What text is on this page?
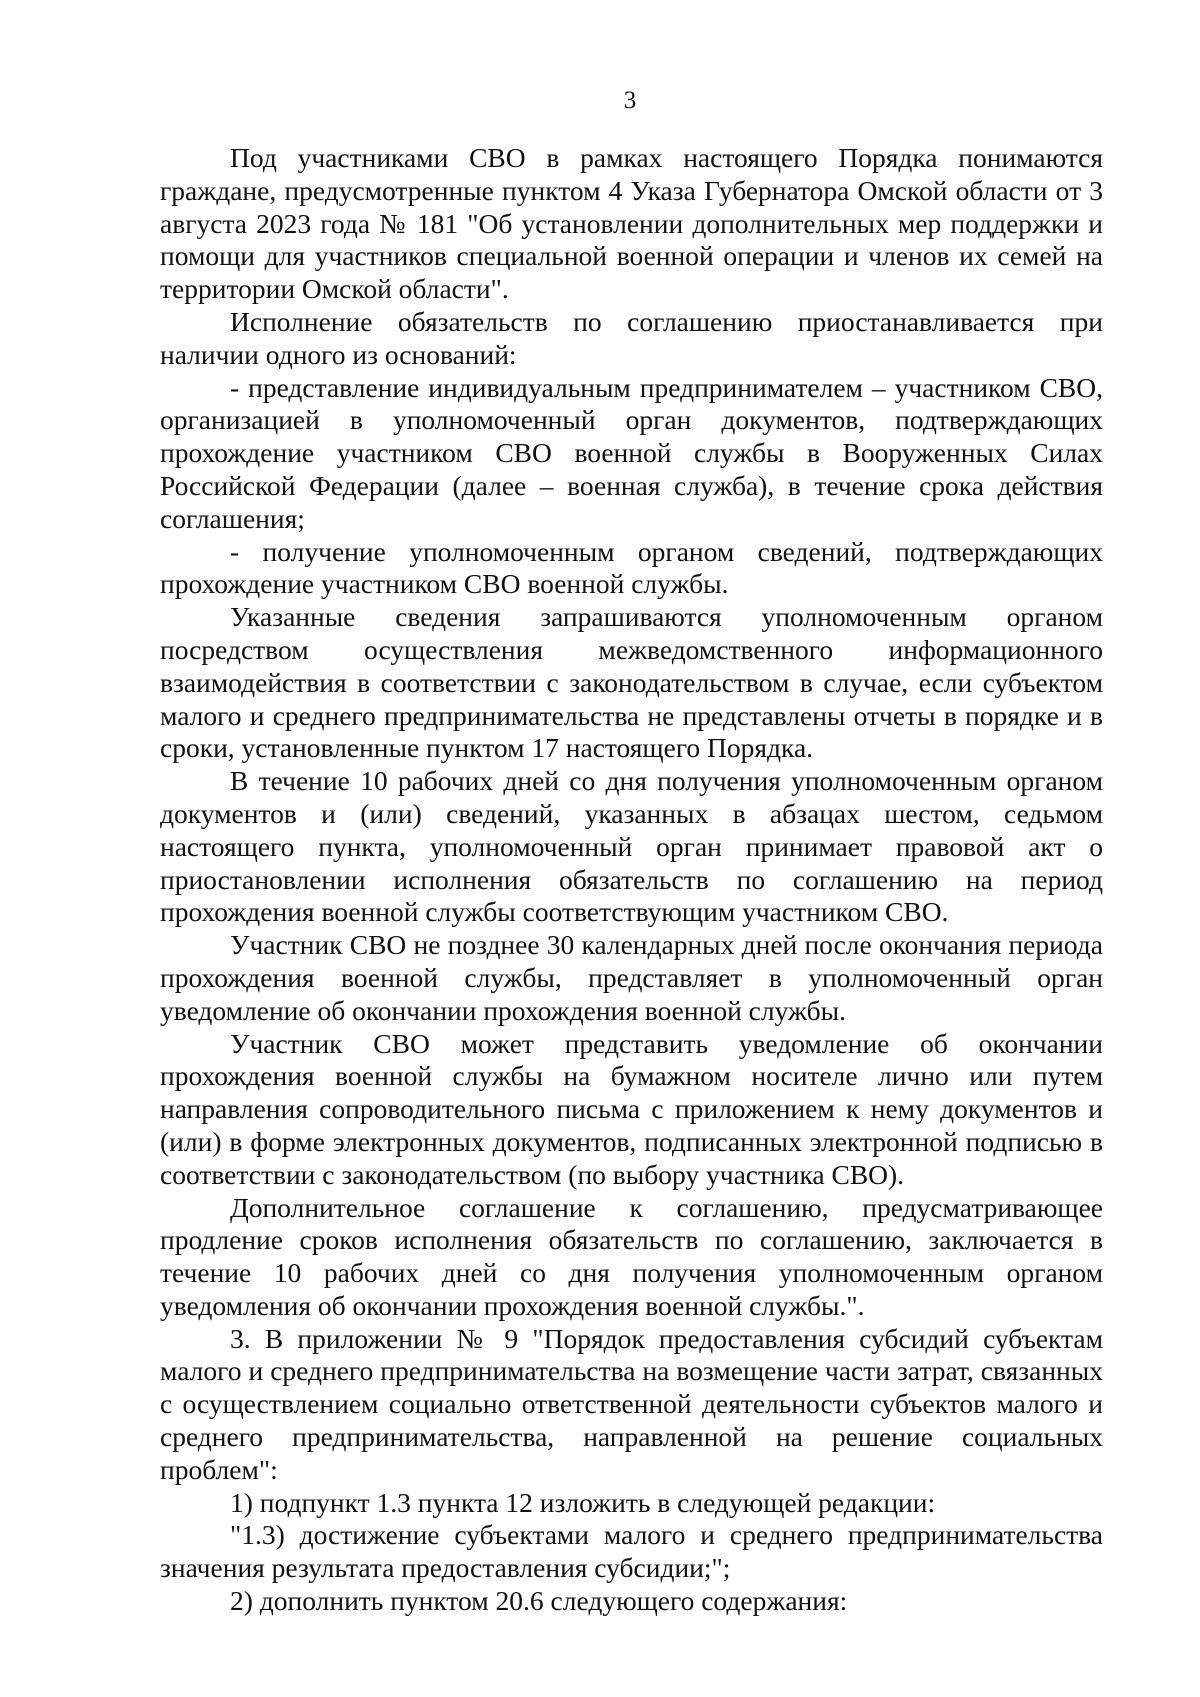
3

Под участниками СВО в рамках настоящего Порядка понимаются граждане, предусмотренные пунктом 4 Указа Губернатора Омской области от 3 августа 2023 года № 181 "Об установлении дополнительных мер поддержки и помощи для участников специальной военной операции и членов их семей на территории Омской области".

Исполнение обязательств по соглашению приостанавливается при наличии одного из оснований:

- представление индивидуальным предпринимателем – участником СВО, организацией в уполномоченный орган документов, подтверждающих прохождение участником СВО военной службы в Вооруженных Силах Российской Федерации (далее – военная служба), в течение срока действия соглашения;

- получение уполномоченным органом сведений, подтверждающих прохождение участником СВО военной службы.

Указанные сведения запрашиваются уполномоченным органом посредством осуществления межведомственного информационного взаимодействия в соответствии с законодательством в случае, если субъектом малого и среднего предпринимательства не представлены отчеты в порядке и в сроки, установленные пунктом 17 настоящего Порядка.

В течение 10 рабочих дней со дня получения уполномоченным органом документов и (или) сведений, указанных в абзацах шестом, седьмом настоящего пункта, уполномоченный орган принимает правовой акт о приостановлении исполнения обязательств по соглашению на период прохождения военной службы соответствующим участником СВО.

Участник СВО не позднее 30 календарных дней после окончания периода прохождения военной службы, представляет в уполномоченный орган уведомление об окончании прохождения военной службы.

Участник СВО может представить уведомление об окончании прохождения военной службы на бумажном носителе лично или путем направления сопроводительного письма с приложением к нему документов и (или) в форме электронных документов, подписанных электронной подписью в соответствии с законодательством (по выбору участника СВО).

Дополнительное соглашение к соглашению, предусматривающее продление сроков исполнения обязательств по соглашению, заключается в течение 10 рабочих дней со дня получения уполномоченным органом уведомления об окончании прохождения военной службы.".

3. В приложении № 9 "Порядок предоставления субсидий субъектам малого и среднего предпринимательства на возмещение части затрат, связанных с осуществлением социально ответственной деятельности субъектов малого и среднего предпринимательства, направленной на решение социальных проблем":

1) подпункт 1.3 пункта 12 изложить в следующей редакции:

"1.3) достижение субъектами малого и среднего предпринимательства значения результата предоставления субсидии;";

2) дополнить пунктом 20.6 следующего содержания:
